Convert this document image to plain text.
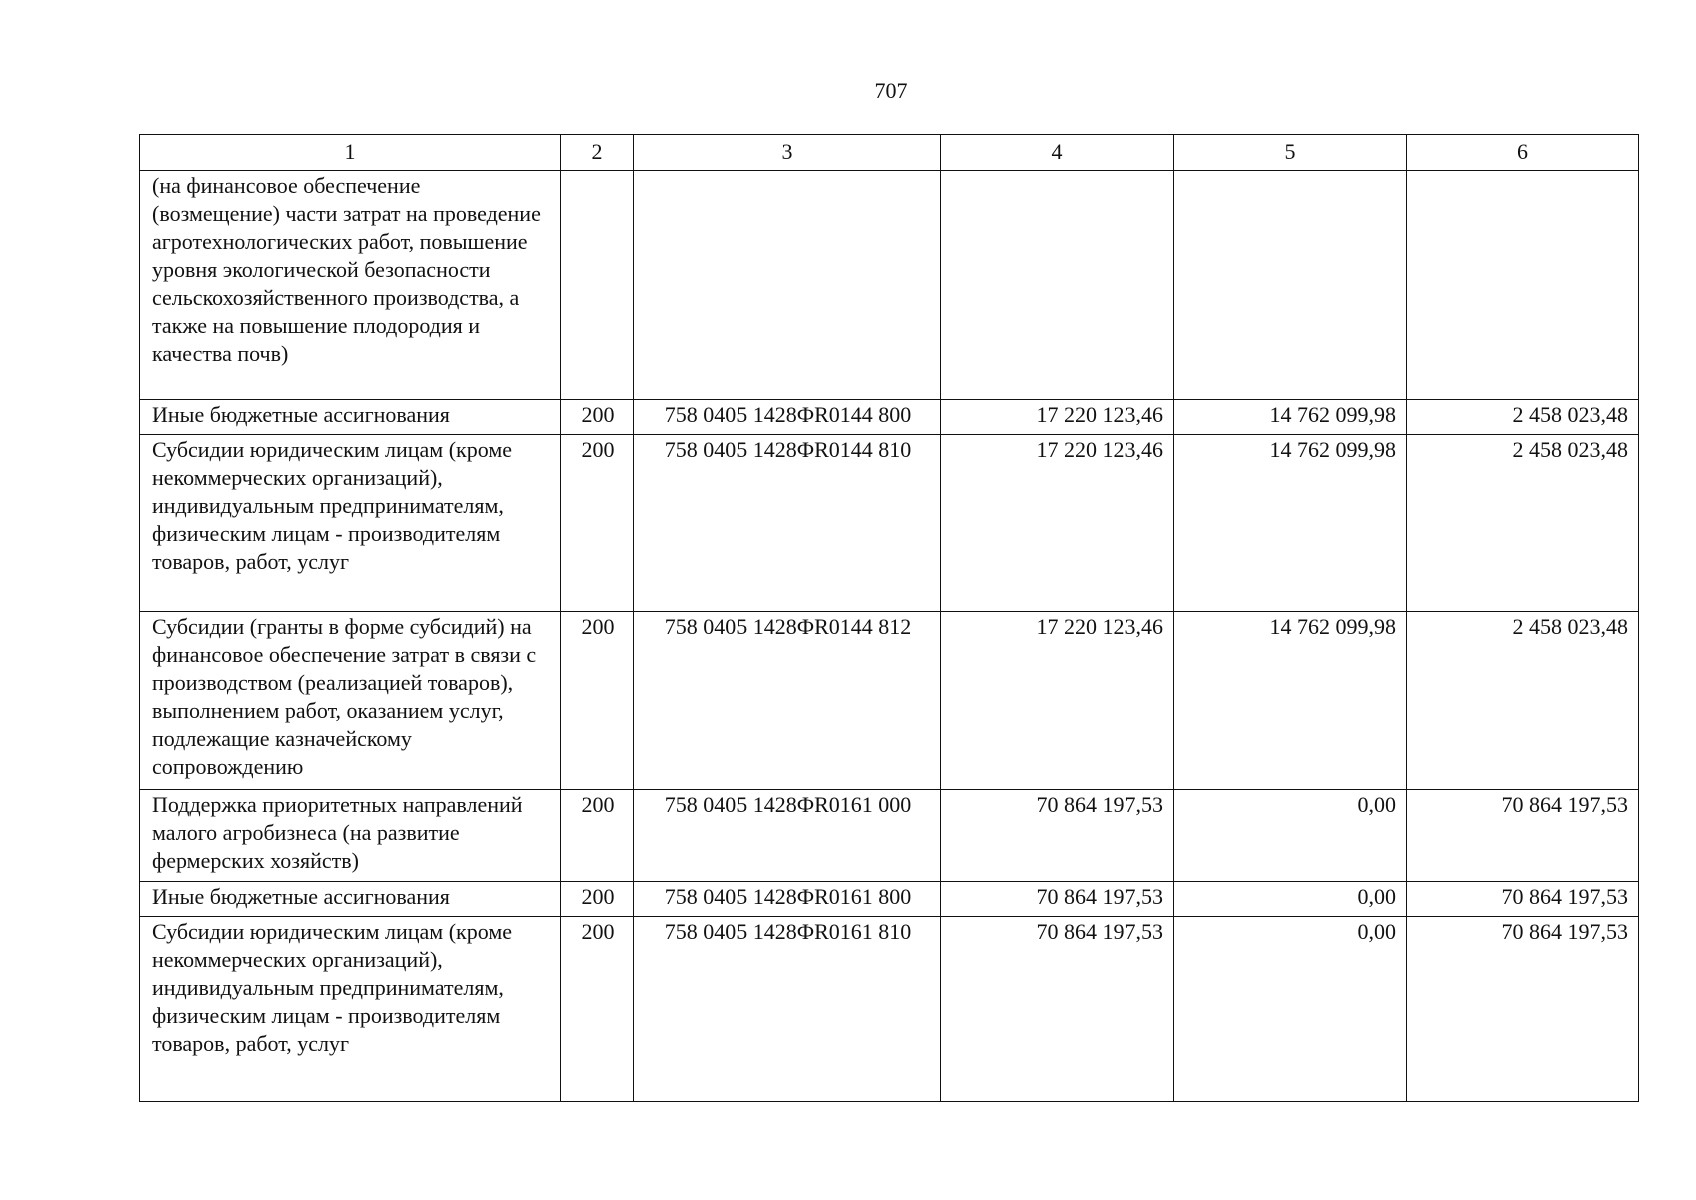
707
1	2	3	4	5	6
(на финансовое обеспечение (возмещение) части затрат на проведение агротехнологических работ, повышение уровня экологической безопасности сельскохозяйственного производства, а также на повышение плодородия и качества почв)					
Иные бюджетные ассигнования	200	758 0405 1428ФR0144 800	17 220 123,46	14 762 099,98	2 458 023,48
Субсидии юридическим лицам (кроме некоммерческих организаций), индивидуальным предпринимателям, физическим лицам - производителям товаров, работ, услуг	200	758 0405 1428ФR0144 810	17 220 123,46	14 762 099,98	2 458 023,48
Субсидии (гранты в форме субсидий) на финансовое обеспечение затрат в связи с производством (реализацией товаров), выполнением работ, оказанием услуг, подлежащие казначейскому сопровождению	200	758 0405 1428ФR0144 812	17 220 123,46	14 762 099,98	2 458 023,48
Поддержка приоритетных направлений малого агробизнеса (на развитие фермерских хозяйств)	200	758 0405 1428ФR0161 000	70 864 197,53	0,00	70 864 197,53
Иные бюджетные ассигнования	200	758 0405 1428ФR0161 800	70 864 197,53	0,00	70 864 197,53
Субсидии юридическим лицам (кроме некоммерческих организаций), индивидуальным предпринимателям, физическим лицам - производителям товаров, работ, услуг	200	758 0405 1428ФR0161 810	70 864 197,53	0,00	70 864 197,53
